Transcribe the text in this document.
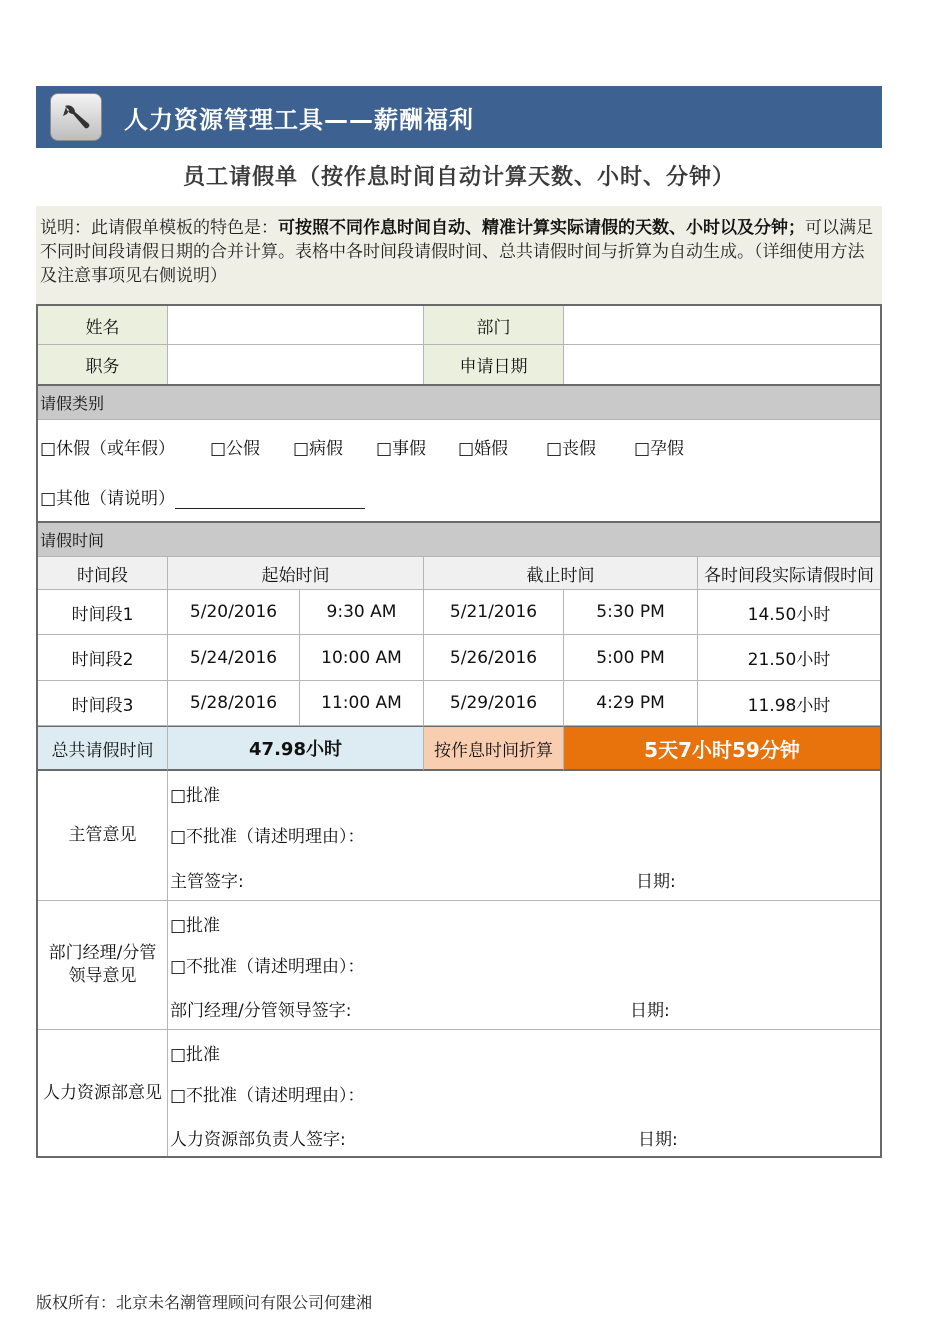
人力资源管理工具——薪酬福利
员工请假单（按作息时间自动计算天数、小时、分钟）
说明：此请假单模板的特色是：可按照不同作息时间自动、精准计算实际请假的天数、小时以及分钟；可以满足不同时间段请假日期的合并计算。表格中各时间段请假时间、总共请假时间与折算为自动生成。（详细使用方法及注意事项见右侧说明）
姓名	部门
职务	申请日期
请假类别
□休假（或年假） □公假 □病假 □事假 □婚假 □丧假 □孕假
□其他（请说明）
请假时间
时间段	起始时间	截止时间	各时间段实际请假时间
时间段1	5/20/2016	9:30 AM	5/21/2016	5:30 PM	14.50小时
时间段2	5/24/2016	10:00 AM	5/26/2016	5:00 PM	21.50小时
时间段3	5/28/2016	11:00 AM	5/29/2016	4:29 PM	11.98小时
总共请假时间	47.98小时	按作息时间折算	5天7小时59分钟
主管意见
□批准
□不批准（请述明理由）：
主管签字:	日期:
部门经理/分管领导意见
□批准
□不批准（请述明理由）：
部门经理/分管领导签字:	日期:
人力资源部意见
□批准
□不批准（请述明理由）：
人力资源部负责人签字:	日期:
版权所有：北京未名潮管理顾问有限公司何建湘
